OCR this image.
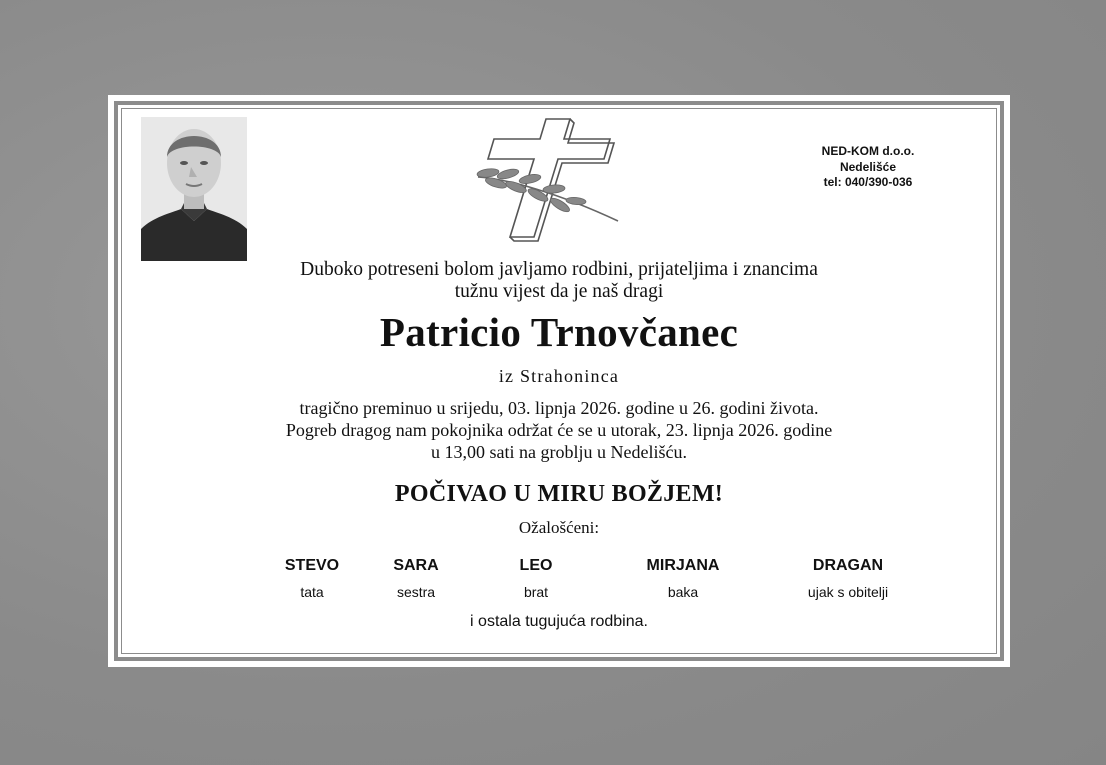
NED-KOM d.o.o.
Nedelišće
tel: 040/390-036
Duboko potreseni bolom javljamo rodbini, prijateljima i znancima
tužnu vijest da je naš dragi
Patricio Trnovčanec
iz Strahoninca
tragično preminuo u srijedu, 03. lipnja 2026. godine u 26. godini života.
Pogreb dragog nam pokojnika održat će se u utorak, 23. lipnja 2026. godine
u 13,00 sati na groblju u Nedelišću.
POČIVAO U MIRU BOŽJEM!
Ožalošćeni:
STEVO
tata
SARA
sestra
LEO
brat
MIRJANA
baka
DRAGAN
ujak s obitelji
i ostala tugujuća rodbina.
